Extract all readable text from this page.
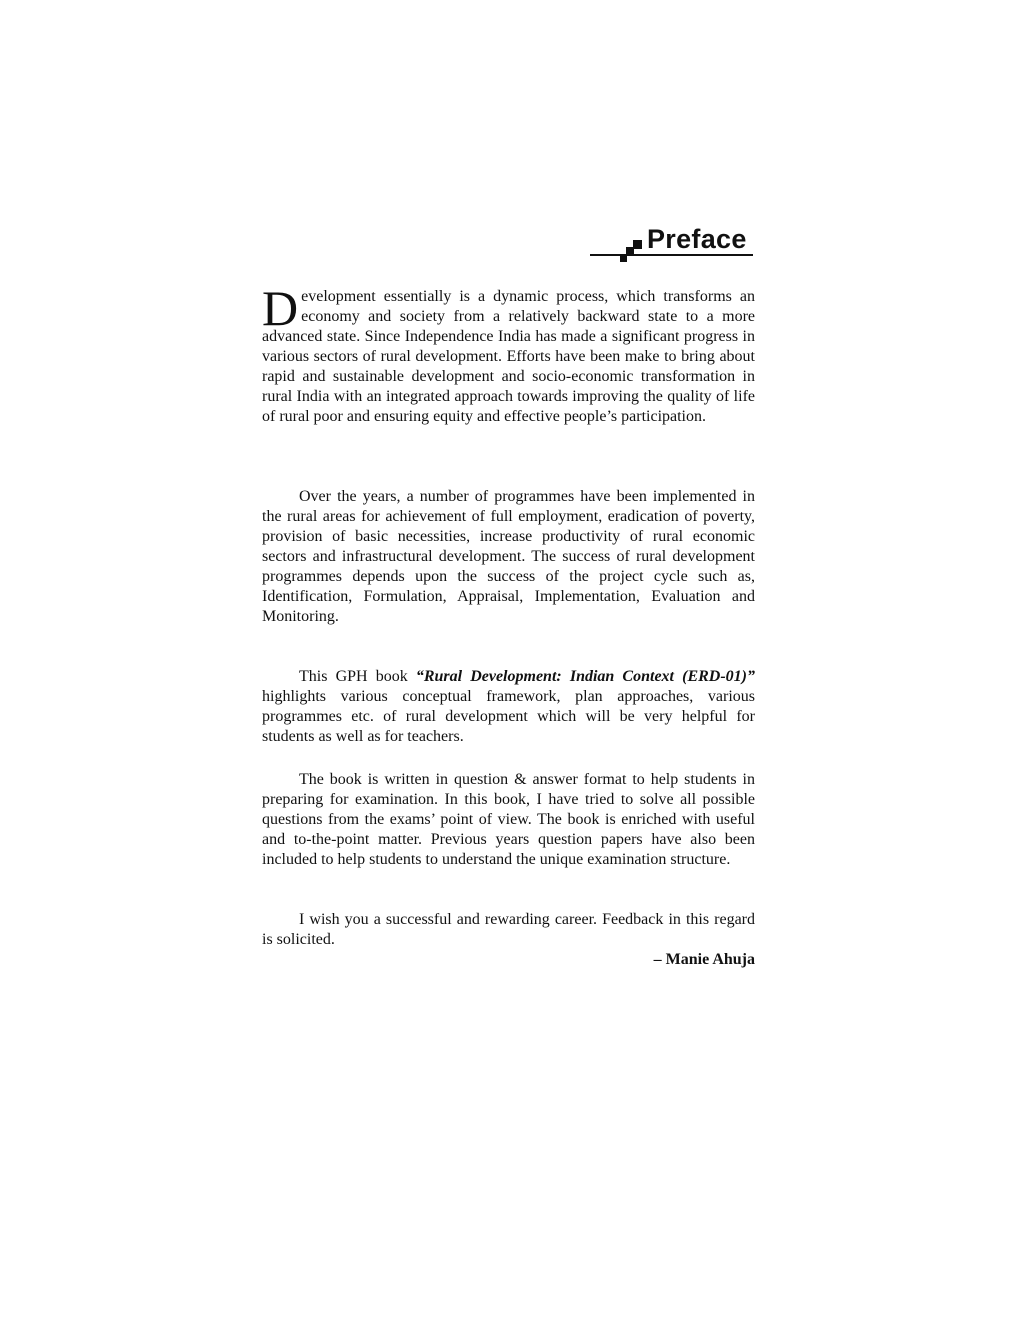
Preface

Development essentially is a dynamic process, which transforms an economy and society from a relatively backward state to a more advanced state. Since Independence India has made a significant progress in various sectors of rural development. Efforts have been make to bring about rapid and sustainable development and socio-economic transformation in rural India with an integrated approach towards improving the quality of life of rural poor and ensuring equity and effective people’s participation.

Over the years, a number of programmes have been implemented in the rural areas for achievement of full employment, eradication of poverty, provision of basic necessities, increase productivity of rural economic sectors and infrastructural development. The success of rural development programmes depends upon the success of the project cycle such as, Identification, Formulation, Appraisal, Implementation, Evaluation and Monitoring.

This GPH book “Rural Development: Indian Context (ERD-01)” highlights various conceptual framework, plan approaches, various programmes etc. of rural development which will be very helpful for students as well as for teachers.

The book is written in question & answer format to help students in preparing for examination. In this book, I have tried to solve all possible questions from the exams’ point of view. The book is enriched with useful and to-the-point matter. Previous years question papers have also been included to help students to understand the unique examination structure.

I wish you a successful and rewarding career. Feedback in this regard is solicited.

– Manie Ahuja
